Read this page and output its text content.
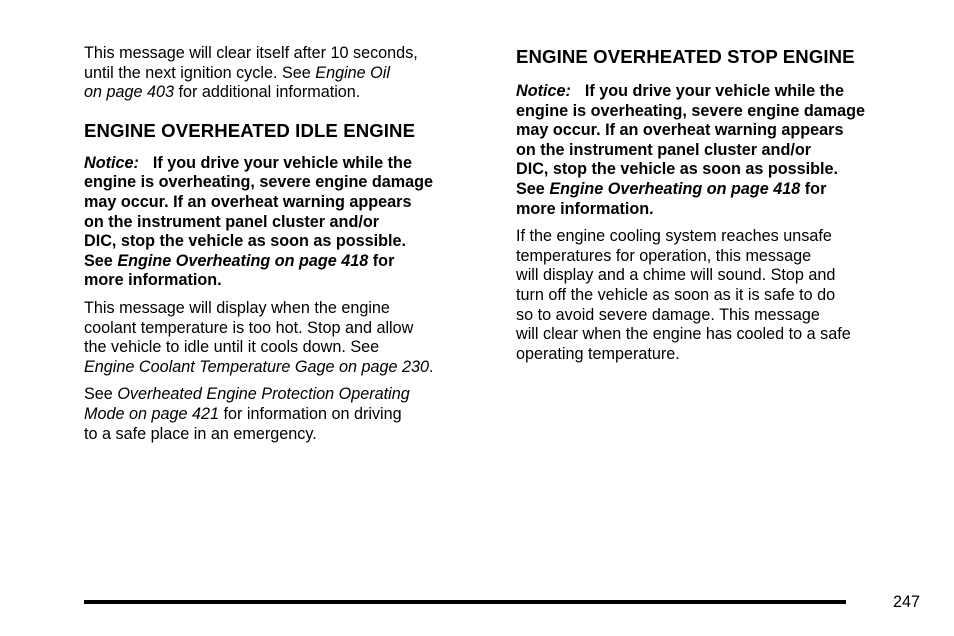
This message will clear itself after 10 seconds,
until the next ignition cycle. See Engine Oil
on page 403 for additional information.

ENGINE OVERHEATED IDLE ENGINE

Notice: If you drive your vehicle while the
engine is overheating, severe engine damage
may occur. If an overheat warning appears
on the instrument panel cluster and/or
DIC, stop the vehicle as soon as possible.
See Engine Overheating on page 418 for
more information.

This message will display when the engine
coolant temperature is too hot. Stop and allow
the vehicle to idle until it cools down. See
Engine Coolant Temperature Gage on page 230.

See Overheated Engine Protection Operating
Mode on page 421 for information on driving
to a safe place in an emergency.

ENGINE OVERHEATED STOP ENGINE

Notice: If you drive your vehicle while the
engine is overheating, severe engine damage
may occur. If an overheat warning appears
on the instrument panel cluster and/or
DIC, stop the vehicle as soon as possible.
See Engine Overheating on page 418 for
more information.

If the engine cooling system reaches unsafe
temperatures for operation, this message
will display and a chime will sound. Stop and
turn off the vehicle as soon as it is safe to do
so to avoid severe damage. This message
will clear when the engine has cooled to a safe
operating temperature.

247
